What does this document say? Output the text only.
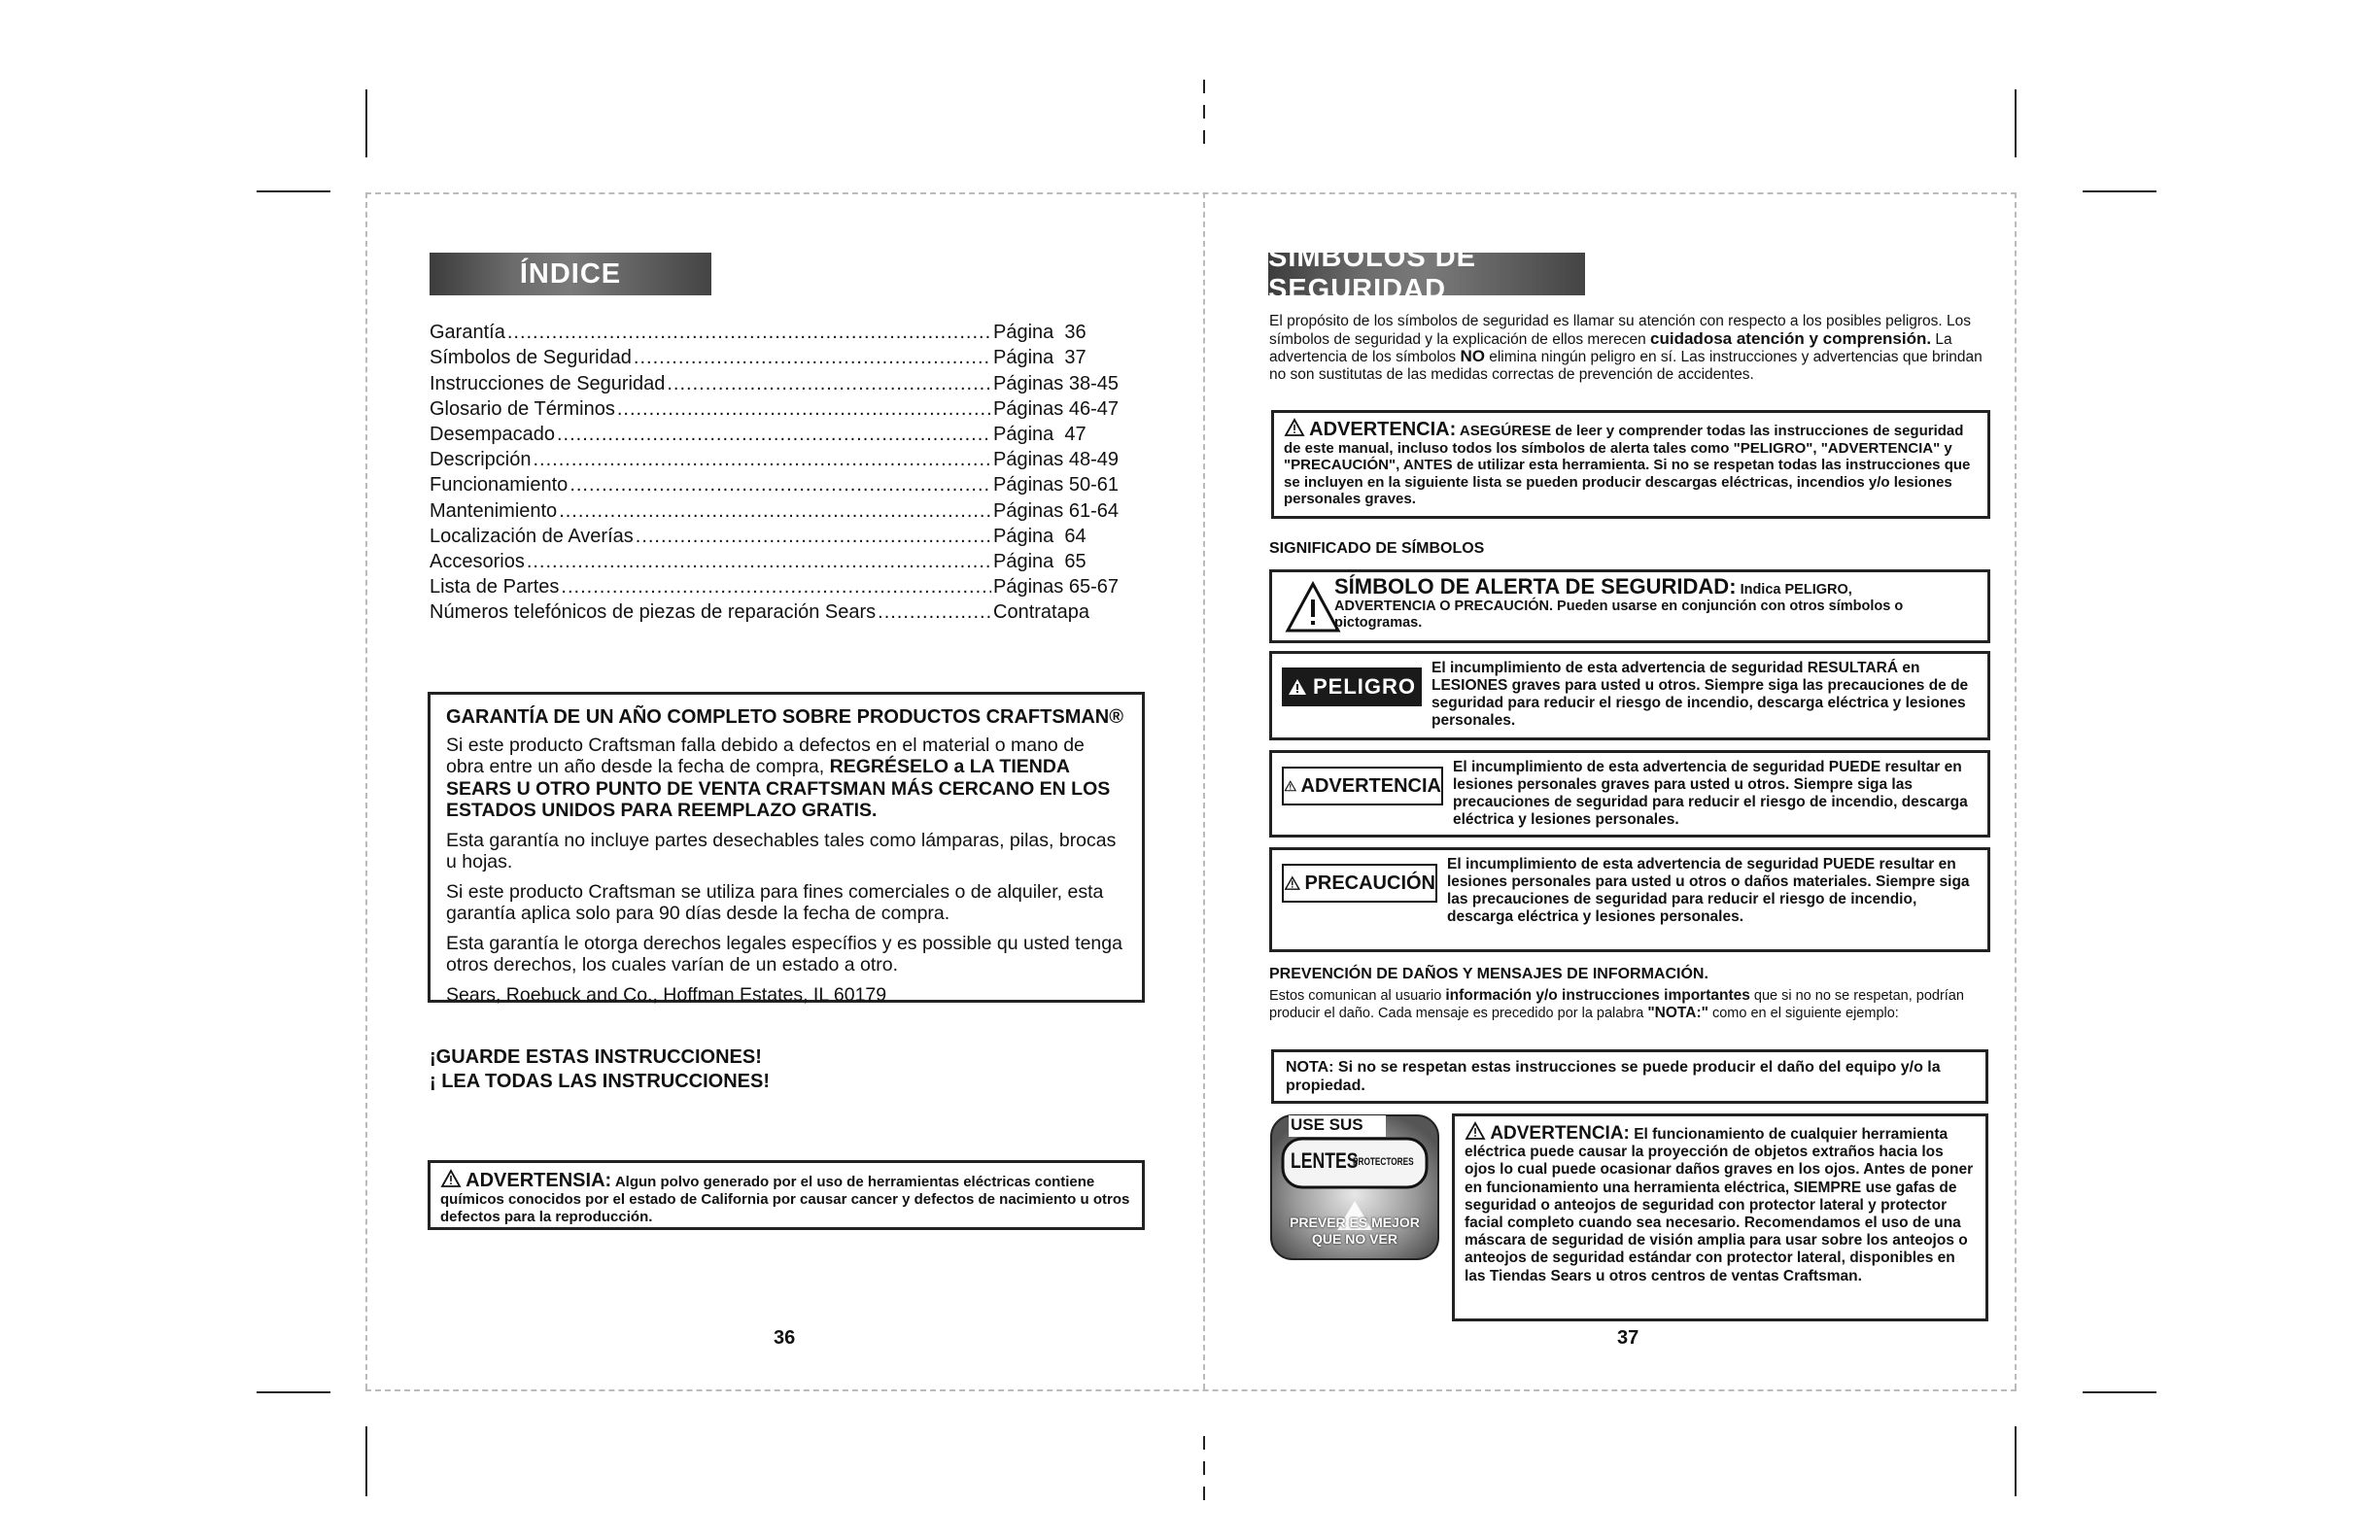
ÍNDICE
Garantía .....	Página  36
Símbolos de Seguridad .....	Página  37
Instrucciones de Seguridad .....	Páginas 38-45
Glosario de Términos .....	Páginas 46-47
Desempacado .....	Página  47
Descripción .....	Páginas 48-49
Funcionamiento .....	Páginas 50-61
Mantenimiento .....	Páginas 61-64
Localización de Averías .....	Página  64
Accesorios .....	Página  65
Lista de Partes .....	Páginas 65-67
Números telefónicos de piezas de reparación Sears .....	Contratapa
GARANTÍA DE UN AÑO COMPLETO SOBRE PRODUCTOS CRAFTSMAN®
Si este producto Craftsman falla debido a defectos en el material o mano de obra entre un año desde la fecha de compra, REGRÉSELO a LA TIENDA SEARS U OTRO PUNTO DE VENTA CRAFTSMAN MÁS CERCANO EN LOS ESTADOS UNIDOS PARA REEMPLAZO GRATIS.
Esta garantía no incluye partes desechables tales como lámparas, pilas, brocas u hojas.
Si este producto Craftsman se utiliza para fines comerciales o de alquiler, esta garantía aplica solo para 90 días desde la fecha de compra.
Esta garantía le otorga derechos legales específios y es possible qu usted tenga otros derechos, los cuales varían de un estado a otro.
Sears, Roebuck and Co., Hoffman Estates, IL 60179
¡GUARDE ESTAS INSTRUCCIONES!
¡ LEA TODAS LAS INSTRUCCIONES!
ADVERTENSIA: Algun polvo generado por el uso de herramientas eléctricas contiene químicos conocidos por el estado de California por causar cancer y defectos de nacimiento u otros defectos para la reproducción.
36
SÍMBOLOS DE SEGURIDAD
El propósito de los símbolos de seguridad es llamar su atención con respecto a los posibles peligros. Los símbolos de seguridad y la explicación de ellos merecen cuidadosa atención y comprensión. La advertencia de los símbolos NO elimina ningún peligro en sí. Las instrucciones y advertencias que brindan no son sustitutas de las medidas correctas de prevención de accidentes.
ADVERTENCIA: ASEGÚRESE de leer y comprender todas las instrucciones de seguridad de este manual, incluso todos los símbolos de alerta tales como "PELIGRO", "ADVERTENCIA" y "PRECAUCIÓN", ANTES de utilizar esta herramienta. Si no se respetan todas las instrucciones que se incluyen en la siguiente lista se pueden producir descargas eléctricas, incendios y/o lesiones personales graves.
SIGNIFICADO DE SÍMBOLOS
SÍMBOLO DE ALERTA DE SEGURIDAD: Indica PELIGRO,
ADVERTENCIA O PRECAUCIÓN. Pueden usarse en conjunción con otros símbolos o pictogramas.
PELIGRO
El incumplimiento de esta advertencia de seguridad RESULTARÁ en LESIONES graves para usted u otros. Siempre siga las precauciones de de seguridad para reducir el riesgo de incendio, descarga eléctrica y lesiones personales.
ADVERTENCIA
El incumplimiento de esta advertencia de seguridad PUEDE resultar en lesiones personales graves para usted u otros. Siempre siga las precauciones de seguridad para reducir el riesgo de incendio, descarga eléctrica y lesiones personales.
PRECAUCIÓN
El incumplimiento de esta advertencia de seguridad PUEDE resultar en lesiones personales para usted u otros o daños materiales. Siempre siga las precauciones de seguridad para reducir el riesgo de incendio, descarga eléctrica y lesiones personales.
PREVENCIÓN DE DAÑOS Y MENSAJES DE INFORMACIÓN.
Estos comunican al usuario información y/o instrucciones importantes que si no no se respetan, podrían producir el daño. Cada mensaje es precedido por la palabra "NOTA:" como en el siguiente ejemplo:
NOTA: Si no se respetan estas instrucciones se puede producir el daño del equipo y/o la propiedad.
USE SUS
LENTES
PROTECTORES
PREVER ES MEJOR
QUE NO VER
ADVERTENCIA: El funcionamiento de cualquier herramienta eléctrica puede causar la proyección de objetos extraños hacia los ojos lo cual puede ocasionar daños graves en los ojos. Antes de poner en funcionamiento una herramienta eléctrica, SIEMPRE use gafas de seguridad o anteojos de seguridad con protector lateral y protector facial completo cuando sea necesario. Recomendamos el uso de una máscara de seguridad de visión amplia para usar sobre los anteojos o anteojos de seguridad estándar con protector lateral, disponibles en las Tiendas Sears u otros centros de ventas Craftsman.
37
